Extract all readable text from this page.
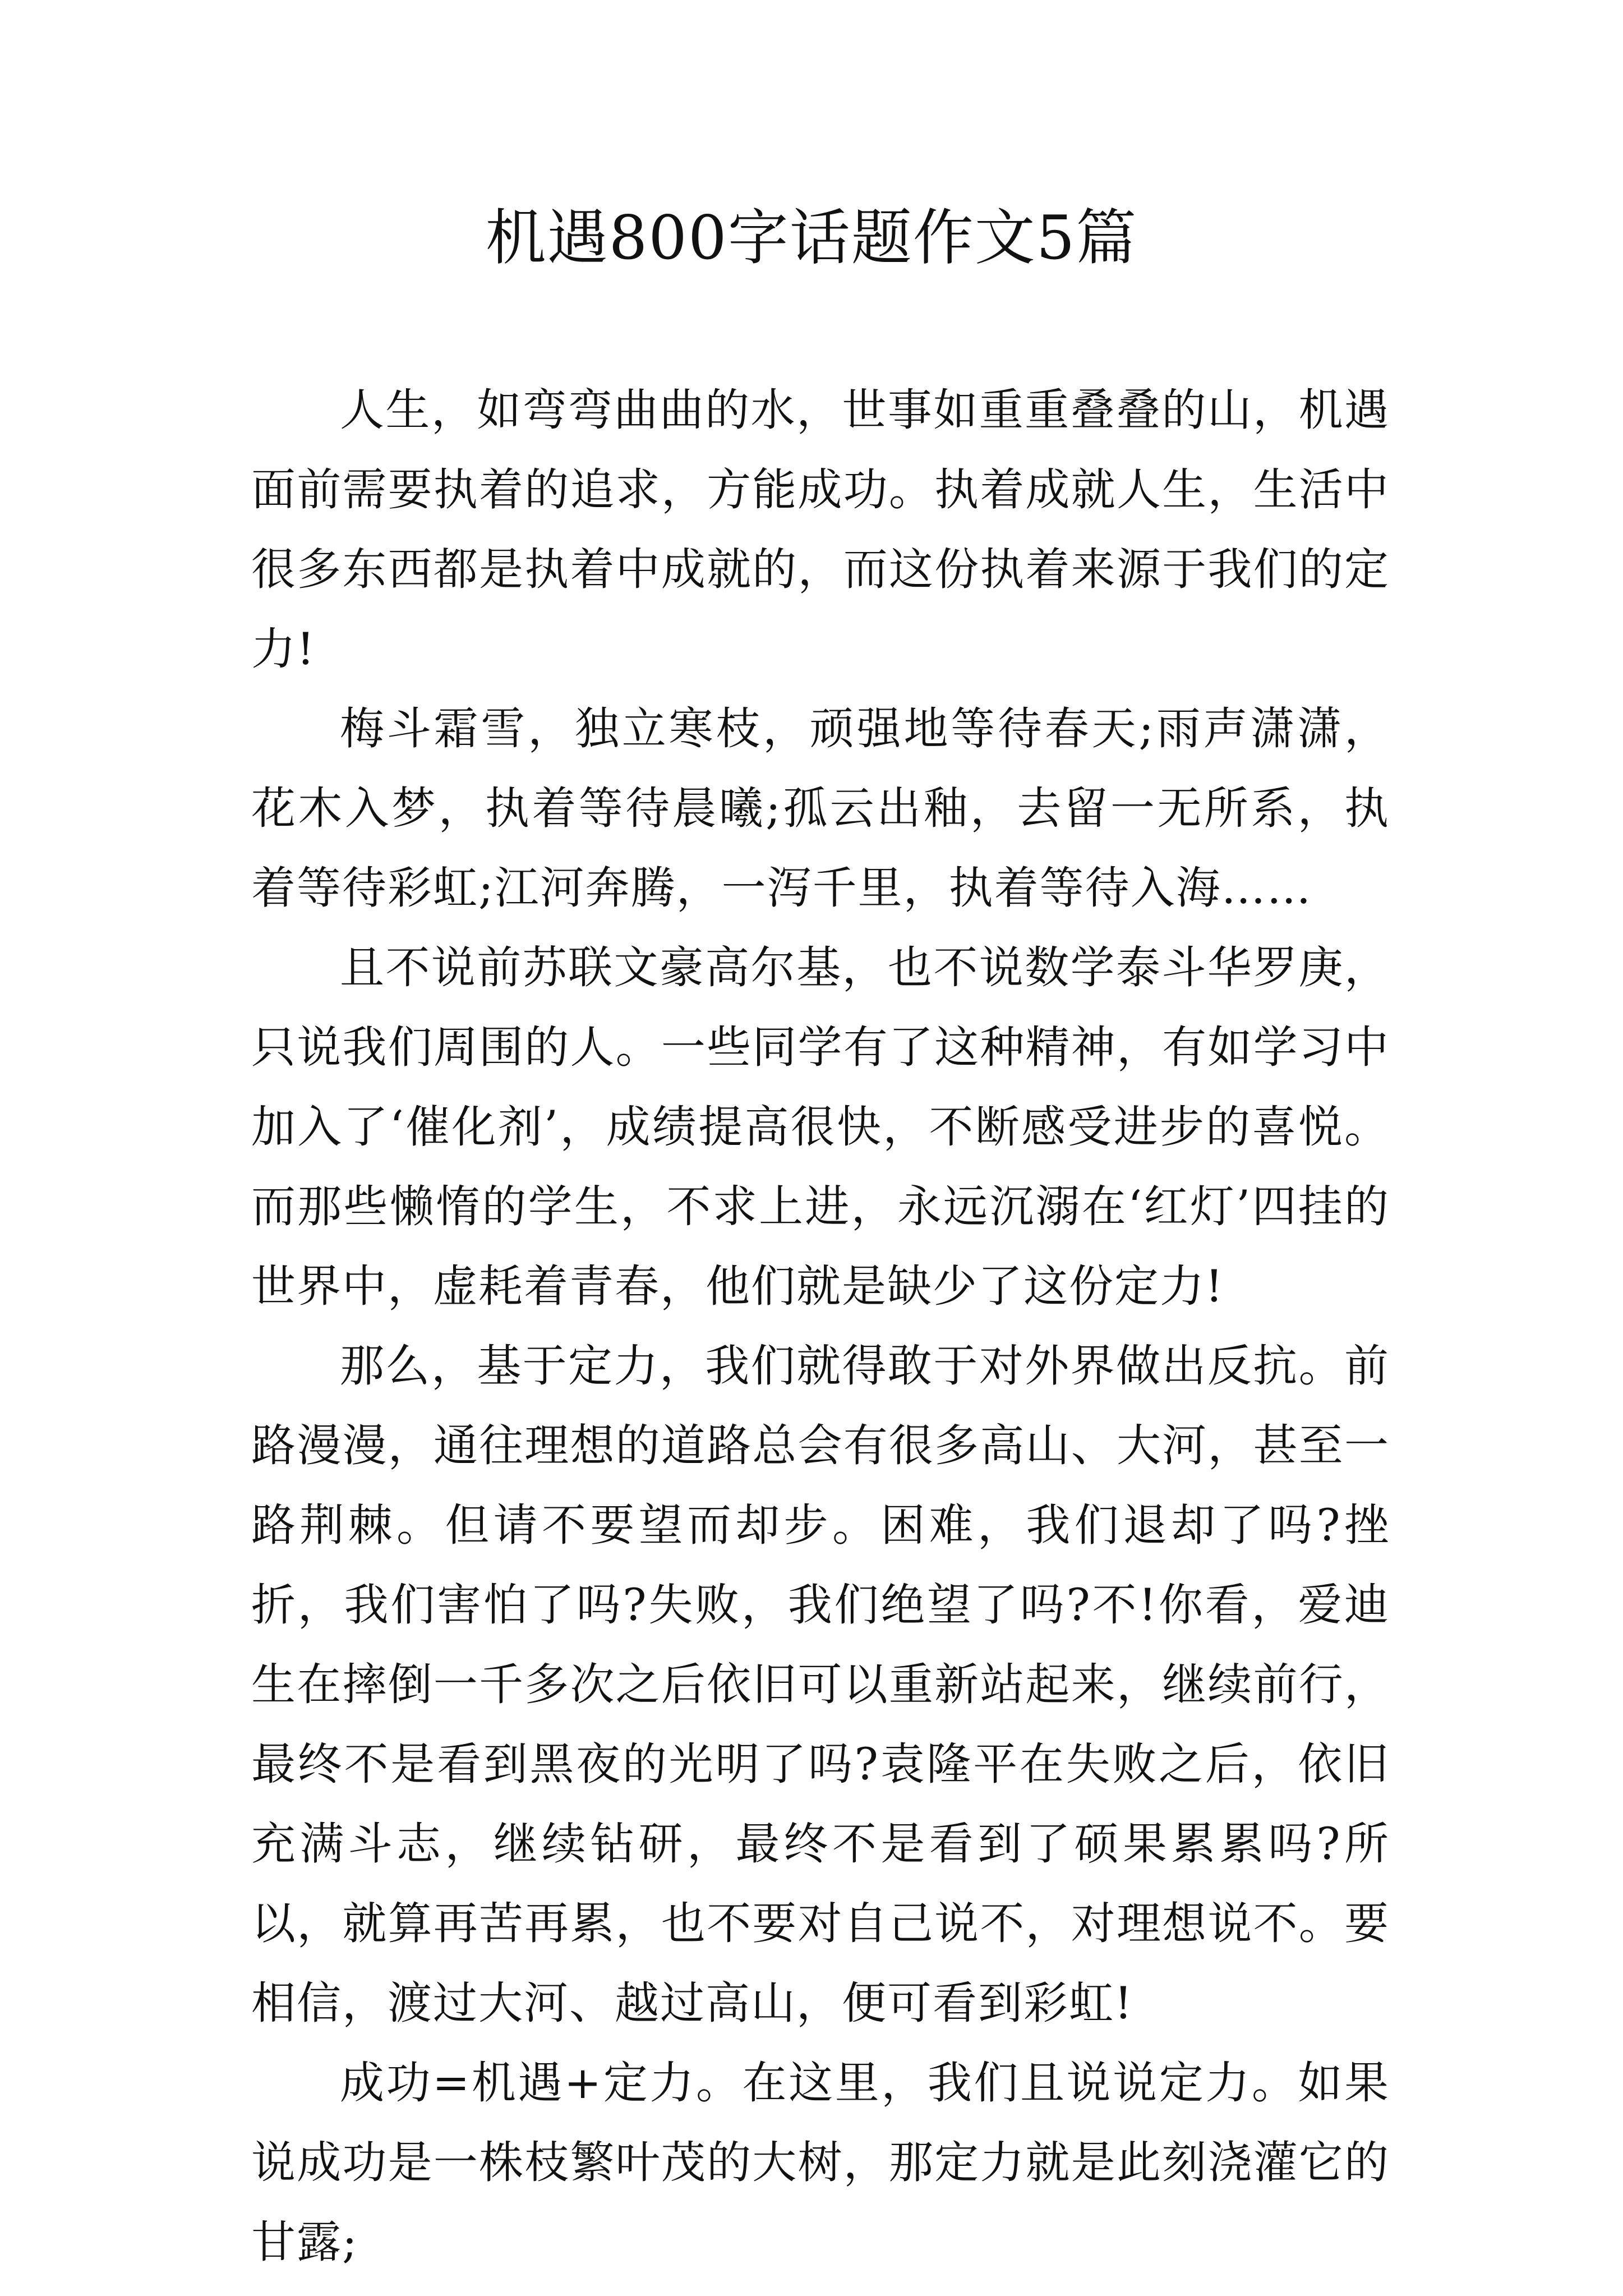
机遇800字话题作文5篇

人生，如弯弯曲曲的水，世事如重重叠叠的山，机遇面前需要执着的追求，方能成功。执着成就人生，生活中很多东西都是执着中成就的，而这份执着来源于我们的定力!

梅斗霜雪，独立寒枝，顽强地等待春天;雨声潇潇，花木入梦，执着等待晨曦;孤云出釉，去留一无所系，执着等待彩虹;江河奔腾，一泻千里，执着等待入海……

且不说前苏联文豪高尔基，也不说数学泰斗华罗庚，只说我们周围的人。一些同学有了这种精神，有如学习中加入了‘催化剂’，成绩提高很快，不断感受进步的喜悦。而那些懒惰的学生，不求上进，永远沉溺在‘红灯’四挂的世界中，虚耗着青春，他们就是缺少了这份定力!

那么，基于定力，我们就得敢于对外界做出反抗。前路漫漫，通往理想的道路总会有很多高山、大河，甚至一路荆棘。但请不要望而却步。困难，我们退却了吗?挫折，我们害怕了吗?失败，我们绝望了吗?不!你看，爱迪生在摔倒一千多次之后依旧可以重新站起来，继续前行，最终不是看到黑夜的光明了吗?袁隆平在失败之后，依旧充满斗志，继续钻研，最终不是看到了硕果累累吗?所以，就算再苦再累，也不要对自己说不，对理想说不。要相信，渡过大河、越过高山，便可看到彩虹!

成功=机遇+定力。在这里，我们且说说定力。如果说成功是一株枝繁叶茂的大树，那定力就是此刻浇灌它的甘露;
